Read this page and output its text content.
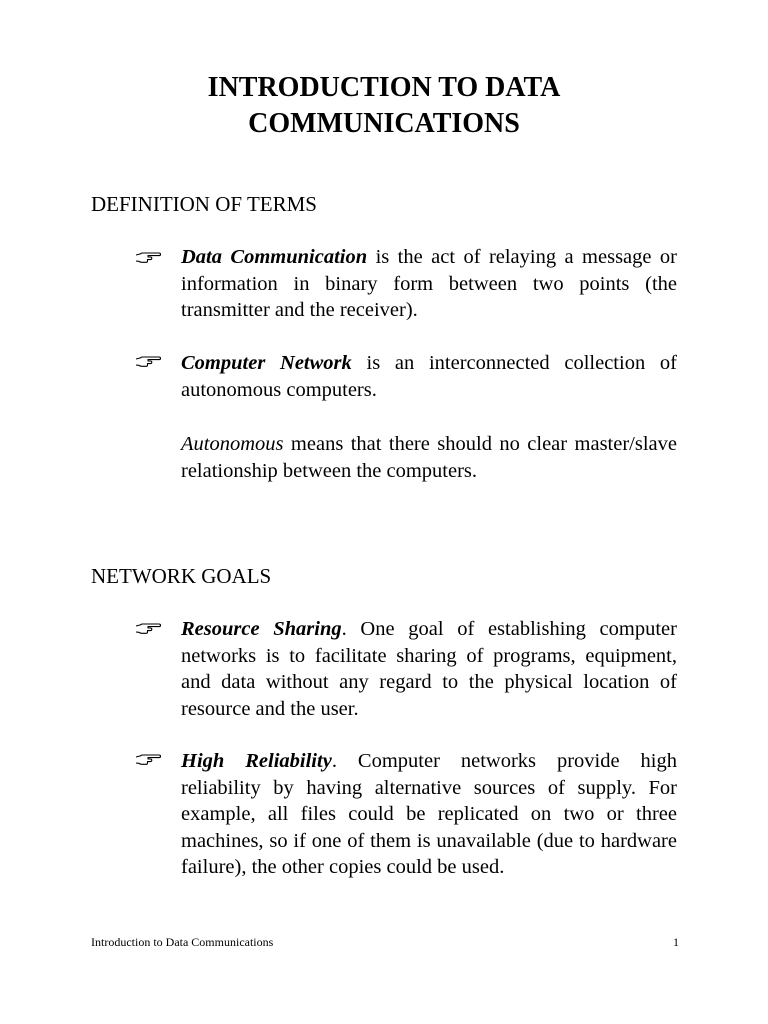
INTRODUCTION TO DATA
COMMUNICATIONS
DEFINITION OF TERMS
Data Communication is the act of relaying a message or information in binary form between two points (the transmitter and the receiver).
Computer Network is an interconnected collection of autonomous computers.
Autonomous means that there should no clear master/slave relationship between the computers.
NETWORK GOALS
Resource Sharing. One goal of establishing computer networks is to facilitate sharing of programs, equipment, and data without any regard to the physical location of resource and the user.
High Reliability. Computer networks provide high reliability by having alternative sources of supply. For example, all files could be replicated on two or three machines, so if one of them is unavailable (due to hardware failure), the other copies could be used.
Introduction to Data Communications	1
